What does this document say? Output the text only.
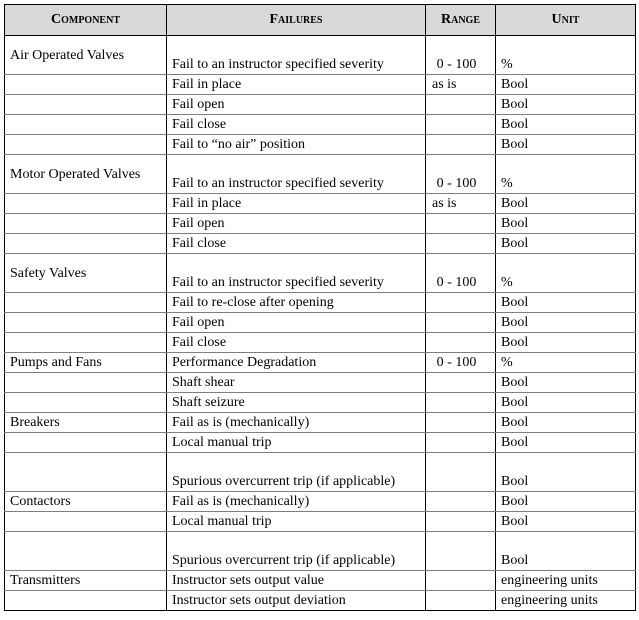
Component	Failures	Range	Unit
Air Operated Valves	Fail to an instructor specified severity	0 - 100	%
	Fail in place	as is	Bool
	Fail open		Bool
	Fail close		Bool
	Fail to “no air” position		Bool
Motor Operated Valves	Fail to an instructor specified severity	0 - 100	%
	Fail in place	as is	Bool
	Fail open		Bool
	Fail close		Bool
Safety Valves	Fail to an instructor specified severity	0 - 100	%
	Fail to re-close after opening		Bool
	Fail open		Bool
	Fail close		Bool
Pumps and Fans	Performance Degradation	0 - 100	%
	Shaft shear		Bool
	Shaft seizure		Bool
Breakers	Fail as is (mechanically)		Bool
	Local manual trip		Bool
	Spurious overcurrent trip (if applicable)		Bool
Contactors	Fail as is (mechanically)		Bool
	Local manual trip		Bool
	Spurious overcurrent trip (if applicable)		Bool
Transmitters	Instructor sets output value		engineering units
	Instructor sets output deviation		engineering units
